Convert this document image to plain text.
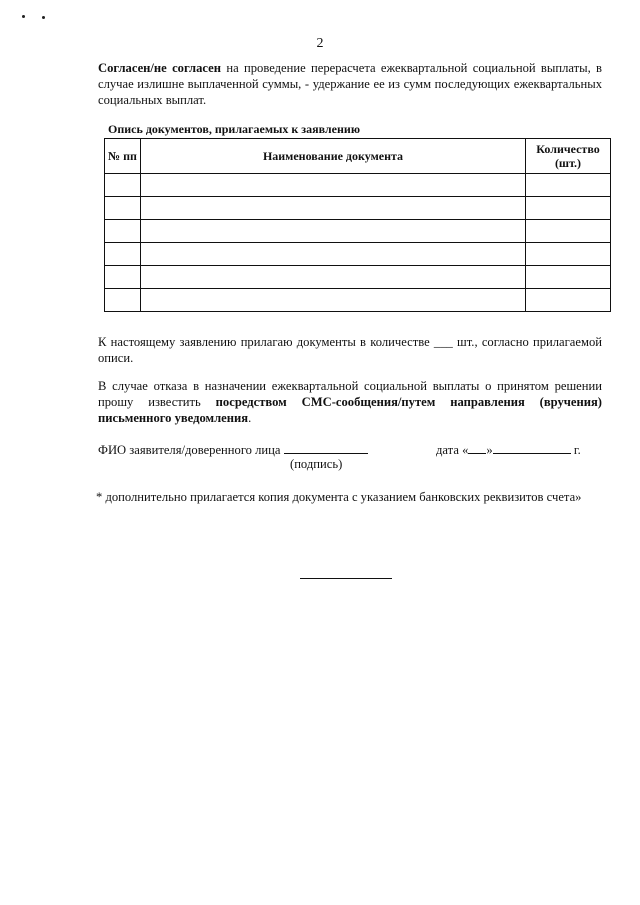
2
Согласен/не согласен на проведение перерасчета ежеквартальной социальной выплаты, в случае излишне выплаченной суммы, - удержание ее из сумм последующих ежеквартальных социальных выплат.
Опись документов, прилагаемых к заявлению
№ пп	Наименование документа	Количество (шт.)

К настоящему заявлению прилагаю документы в количестве ___ шт., согласно прилагаемой описи.
В случае отказа в назначении ежеквартальной социальной выплаты о принятом решении прошу известить посредством СМС-сообщения/путем направления (вручения) письменного уведомления.
ФИО заявителя/доверенного лица	дата « »	г.
(подпись)
* дополнительно прилагается копия документа с указанием банковских реквизитов счета»
